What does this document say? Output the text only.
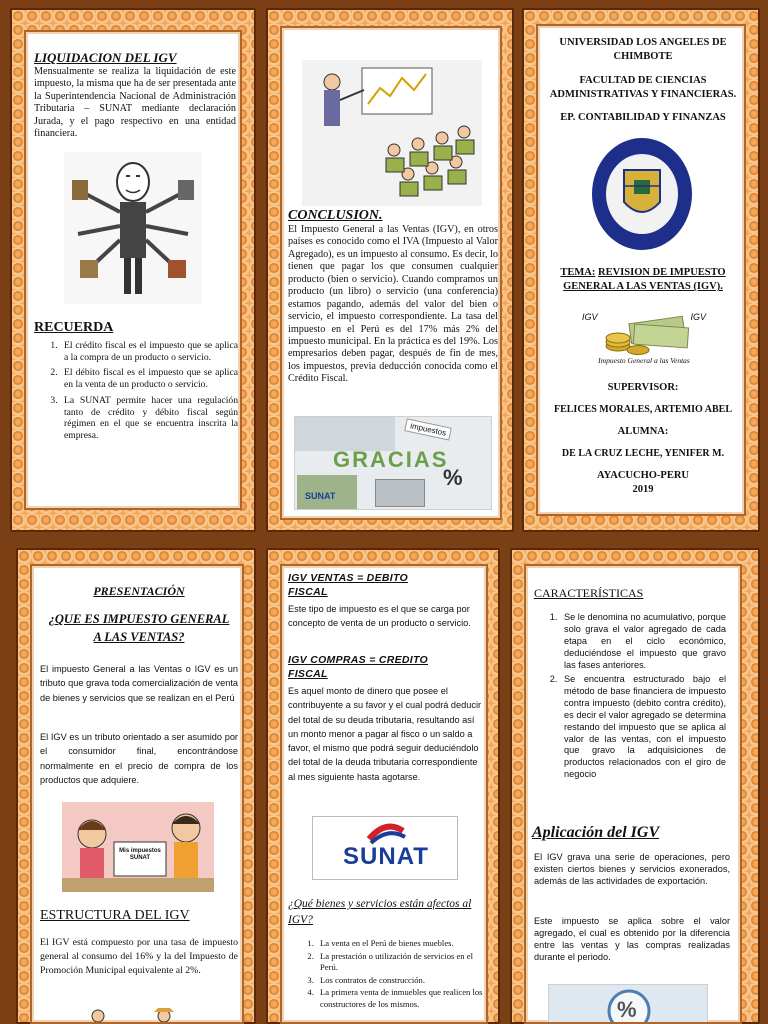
LIQUIDACION DEL IGV
Mensualmente se realiza la liquidación de este impuesto, la misma que ha de ser presentada ante la Superintendencia Nacional de Administración Tributaria – SUNAT mediante declaración Jurada, y el pago respectivo en una entidad financiera.
RECUERDA
1. El crédito fiscal es el impuesto que se aplica a la compra de un producto o servicio.
2. El débito fiscal es el impuesto que se aplica en la venta de un producto o servicio.
3. La SUNAT permite hacer una regulación tanto de crédito y débito fiscal según régimen en el que se encuentra inscrita la empresa.
CONCLUSION.
El Impuesto General a las Ventas (IGV), en otros países es conocido como el IVA (Impuesto al Valor Agregado), es un impuesto al consumo. Es decir, lo tienen que pagar los que consumen cualquier producto (bien o servicio). Cuando compramos un producto (un libro) o servicio (una conferencia) estamos pagando, además del valor del bien o servicio, el impuesto correspondiente. La tasa del impuesto en el Perú es del 17% más 2% del impuesto municipal. En la práctica es del 19%. Los empresarios deben pagar, después de fin de mes, los impuestos, previa deducción conocida como el Crédito Fiscal.
impuestos
GRACIAS
SUNAT
%
UNIVERSIDAD LOS ANGELES DE CHIMBOTE
FACULTAD DE CIENCIAS ADMINISTRATIVAS Y FINANCIERAS.
EP. CONTABILIDAD Y FINANZAS
TEMA: REVISION DE IMPUESTO GENERAL A LAS VENTAS (IGV).
IGV	IGV
Impuesto General a las Ventas
SUPERVISOR:
FELICES MORALES, ARTEMIO ABEL
ALUMNA:
DE LA CRUZ LECHE, YENIFER M.
AYACUCHO-PERU
2019
PRESENTACIÓN
¿QUE ES IMPUESTO GENERAL A LAS VENTAS?
El impuesto General a las Ventas o IGV es un tributo que grava toda comercialización de venta de bienes y servicios que se realizan en el Perú
El IGV es un tributo orientado a ser asumido por el consumidor final, encontrándose normalmente en el precio de compra de los productos que adquiere.
Mis impuestos SUNAT
ESTRUCTURA DEL IGV
El IGV está compuesto por una tasa de impuesto general al consumo del 16% y la del Impuesto de Promoción Municipal equivalente al 2%.
IGV VENTAS = DEBITO FISCAL
Este tipo de impuesto es el que se carga por concepto de venta de un producto o servicio.
IGV COMPRAS = CREDITO FISCAL
Es aquel monto de dinero que posee el contribuyente a su favor y el cual podrá deducir del total de su deuda tributaria, resultando así un monto menor a pagar al fisco o un saldo a favor, el mismo que podrá seguir deduciéndolo del total de la deuda tributaria correspondiente al mes siguiente hasta agotarse.
SUNAT
¿Qué bienes y servicios están afectos al IGV?
1. La venta en el Perú de bienes muebles.
2. La prestación o utilización de servicios en el Perú.
3. Los contratos de construcción.
4. La primera venta de inmuebles que realicen los constructores de los mismos.
CARACTERÍSTICAS
1. Se le denomina no acumulativo, porque solo grava el valor agregado de cada etapa en el ciclo económico, deduciéndose el impuesto que gravo las fases anteriores.
2. Se encuentra estructurado bajo el método de base financiera de impuesto contra impuesto (debito contra crédito), es decir el valor agregado se determina restando del impuesto que se aplica al valor de las ventas, con el impuesto que gravo la adquisiciones de productos relacionados con el giro de negocio
Aplicación del IGV
El IGV grava una serie de operaciones, pero existen ciertos bienes y servicios exonerados, además de las actividades de exportación.
Este impuesto se aplica sobre el valor agregado, el cual es obtenido por la diferencia entre las ventas y las compras realizadas durante el periodo.
%
